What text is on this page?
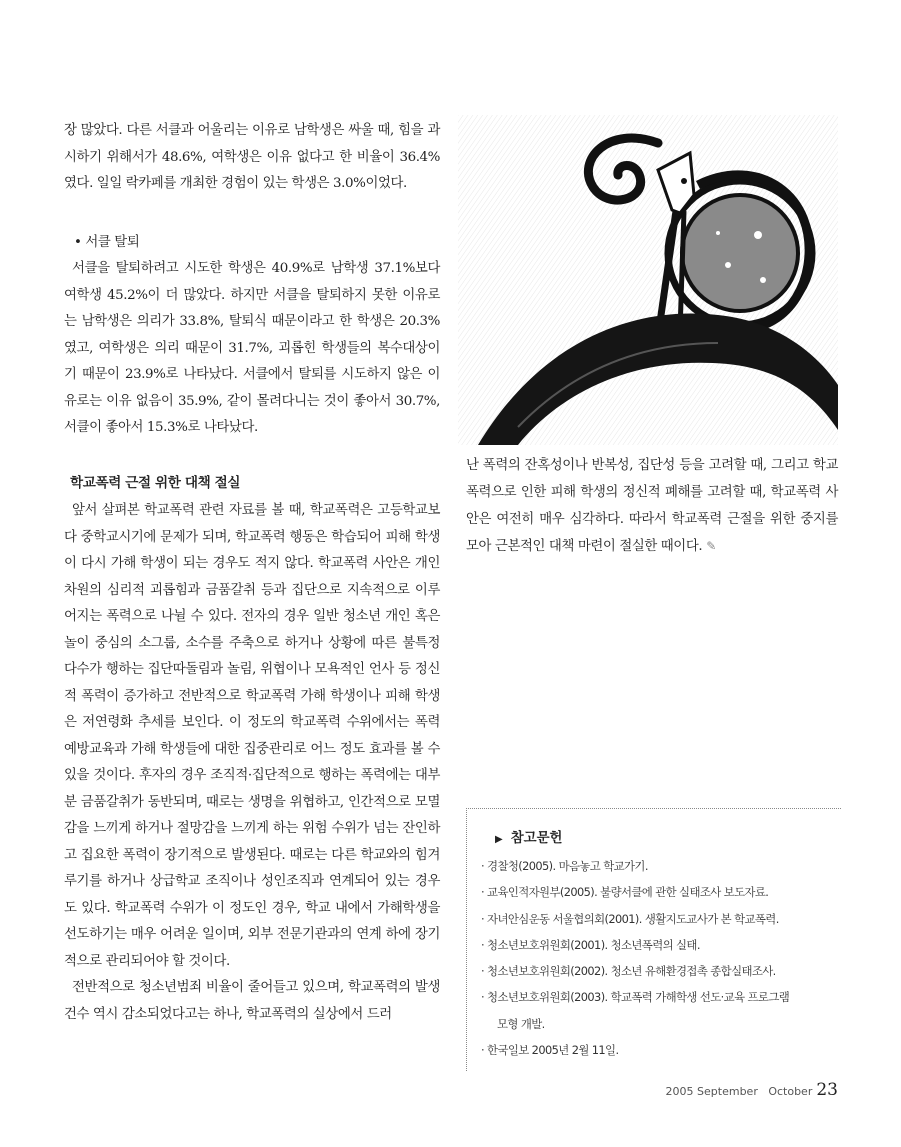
장 많았다. 다른 서클과 어울리는 이유로 남학생은 싸울 때, 힘을 과시하기 위해서가 48.6%, 여학생은 이유 없다고 한 비율이 36.4%였다. 일일 락카페를 개최한 경험이 있는 학생은 3.0%이었다.

• 서클 탈퇴

서클을 탈퇴하려고 시도한 학생은 40.9%로 남학생 37.1%보다 여학생 45.2%이 더 많았다. 하지만 서클을 탈퇴하지 못한 이유로는 남학생은 의리가 33.8%, 탈퇴식 때문이라고 한 학생은 20.3%였고, 여학생은 의리 때문이 31.7%, 괴롭힌 학생들의 복수대상이기 때문이 23.9%로 나타났다. 서클에서 탈퇴를 시도하지 않은 이유로는 이유 없음이 35.9%, 같이 몰려다니는 것이 좋아서 30.7%, 서클이 좋아서 15.3%로 나타났다.

학교폭력 근절 위한 대책 절실

앞서 살펴본 학교폭력 관련 자료를 볼 때, 학교폭력은 고등학교보다 중학교시기에 문제가 되며, 학교폭력 행동은 학습되어 피해 학생이 다시 가해 학생이 되는 경우도 적지 않다. 학교폭력 사안은 개인 차원의 심리적 괴롭힘과 금품갈취 등과 집단으로 지속적으로 이루어지는 폭력으로 나뉠 수 있다. 전자의 경우 일반 청소년 개인 혹은 놀이 중심의 소그룹, 소수를 주축으로 하거나 상황에 따른 불특정 다수가 행하는 집단따돌림과 놀림, 위협이나 모욕적인 언사 등 정신적 폭력이 증가하고 전반적으로 학교폭력 가해 학생이나 피해 학생은 저연령화 추세를 보인다. 이 정도의 학교폭력 수위에서는 폭력 예방교육과 가해 학생들에 대한 집중관리로 어느 정도 효과를 볼 수 있을 것이다. 후자의 경우 조직적·집단적으로 행하는 폭력에는 대부분 금품갈취가 동반되며, 때로는 생명을 위협하고, 인간적으로 모멸감을 느끼게 하거나 절망감을 느끼게 하는 위험 수위가 넘는 잔인하고 집요한 폭력이 장기적으로 발생된다. 때로는 다른 학교와의 힘겨루기를 하거나 상급학교 조직이나 성인조직과 연계되어 있는 경우도 있다. 학교폭력 수위가 이 정도인 경우, 학교 내에서 가해학생을 선도하기는 매우 어려운 일이며, 외부 전문기관과의 연계 하에 장기적으로 관리되어야 할 것이다.

전반적으로 청소년범죄 비율이 줄어들고 있으며, 학교폭력의 발생건수 역시 감소되었다고는 하나, 학교폭력의 실상에서 드러

난 폭력의 잔혹성이나 반복성, 집단성 등을 고려할 때, 그리고 학교폭력으로 인한 피해 학생의 정신적 폐해를 고려할 때, 학교폭력 사안은 여전히 매우 심각하다. 따라서 학교폭력 근절을 위한 중지를 모아 근본적인 대책 마련이 절실한 때이다. ✎

▶ 참고문헌
· 경찰청(2005). 마음놓고 학교가기.
· 교육인적자원부(2005). 불량서클에 관한 실태조사 보도자료.
· 자녀안심운동 서울협의회(2001). 생활지도교사가 본 학교폭력.
· 청소년보호위원회(2001). 청소년폭력의 실태.
· 청소년보호위원회(2002). 청소년 유해환경접촉 종합실태조사.
· 청소년보호위원회(2003). 학교폭력 가해학생 선도·교육 프로그램
모형 개발.
· 한국일보 2005년 2월 11일.
2005 September   October 23
